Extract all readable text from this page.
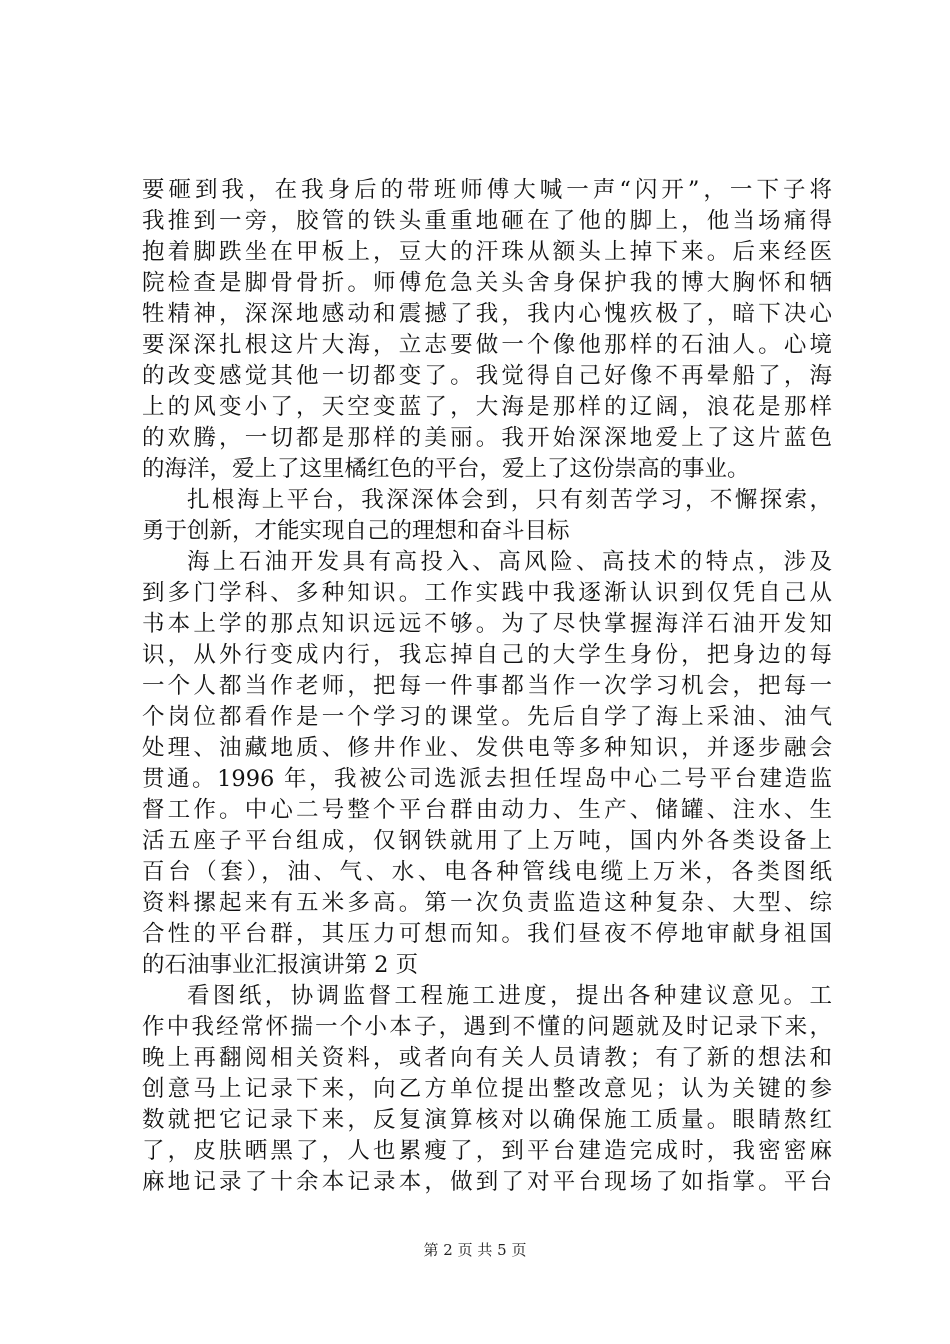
要砸到我，在我身后的带班师傅大喊一声“闪开”，一下子将
我推到一旁，胶管的铁头重重地砸在了他的脚上，他当场痛得
抱着脚跌坐在甲板上，豆大的汗珠从额头上掉下来。后来经医
院检查是脚骨骨折。师傅危急关头舍身保护我的博大胸怀和牺
牲精神，深深地感动和震撼了我，我内心愧疚极了，暗下决心
要深深扎根这片大海，立志要做一个像他那样的石油人。心境
的改变感觉其他一切都变了。我觉得自己好像不再晕船了，海
上的风变小了，天空变蓝了，大海是那样的辽阔，浪花是那样
的欢腾，一切都是那样的美丽。我开始深深地爱上了这片蓝色
的海洋，爱上了这里橘红色的平台，爱上了这份崇高的事业。
扎根海上平台，我深深体会到，只有刻苦学习，不懈探索，
勇于创新，才能实现自己的理想和奋斗目标
海上石油开发具有高投入、高风险、高技术的特点，涉及
到多门学科、多种知识。工作实践中我逐渐认识到仅凭自己从
书本上学的那点知识远远不够。为了尽快掌握海洋石油开发知
识，从外行变成内行，我忘掉自己的大学生身份，把身边的每
一个人都当作老师，把每一件事都当作一次学习机会，把每一
个岗位都看作是一个学习的课堂。先后自学了海上采油、油气
处理、油藏地质、修井作业、发供电等多种知识，并逐步融会
贯通。1996 年，我被公司选派去担任埕岛中心二号平台建造监
督工作。中心二号整个平台群由动力、生产、储罐、注水、生
活五座子平台组成，仅钢铁就用了上万吨，国内外各类设备上
百台（套），油、气、水、电各种管线电缆上万米，各类图纸
资料摞起来有五米多高。第一次负责监造这种复杂、大型、综
合性的平台群，其压力可想而知。我们昼夜不停地审献身祖国
的石油事业汇报演讲第 2 页
看图纸，协调监督工程施工进度，提出各种建议意见。工
作中我经常怀揣一个小本子，遇到不懂的问题就及时记录下来，
晚上再翻阅相关资料，或者向有关人员请教；有了新的想法和
创意马上记录下来，向乙方单位提出整改意见；认为关键的参
数就把它记录下来，反复演算核对以确保施工质量。眼睛熬红
了，皮肤晒黑了，人也累瘦了，到平台建造完成时，我密密麻
麻地记录了十余本记录本，做到了对平台现场了如指掌。平台
第 2 页 共 5 页
